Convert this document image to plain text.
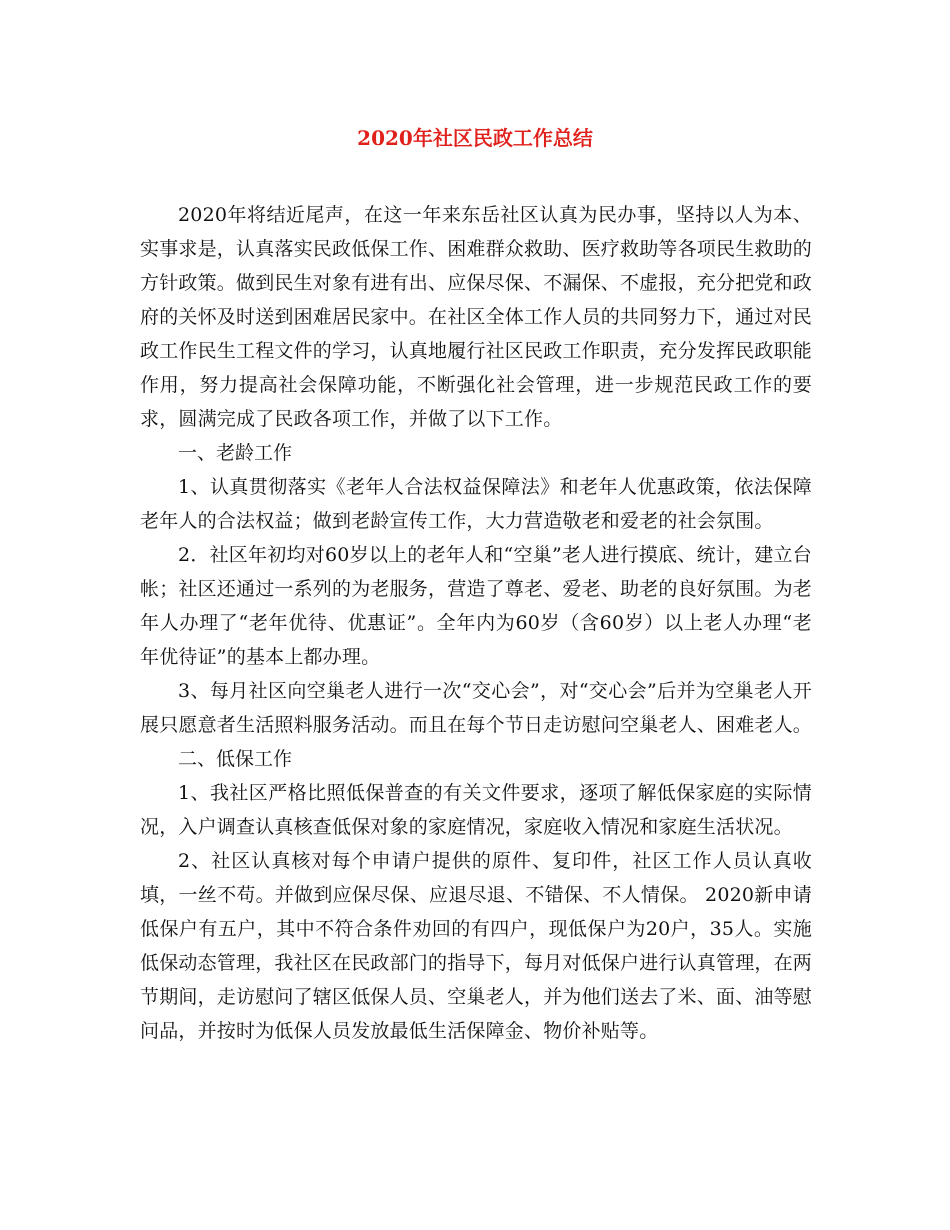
2020年社区民政工作总结

2020年将结近尾声，在这一年来东岳社区认真为民办事，坚持以人为本、实事求是，认真落实民政低保工作、困难群众救助、医疗救助等各项民生救助的方针政策。做到民生对象有进有出、应保尽保、不漏保、不虚报，充分把党和政府的关怀及时送到困难居民家中。在社区全体工作人员的共同努力下，通过对民政工作民生工程文件的学习，认真地履行社区民政工作职责，充分发挥民政职能作用，努力提高社会保障功能，不断强化社会管理，进一步规范民政工作的要求，圆满完成了民政各项工作，并做了以下工作。

一、老龄工作

1、认真贯彻落实《老年人合法权益保障法》和老年人优惠政策，依法保障老年人的合法权益；做到老龄宣传工作，大力营造敬老和爱老的社会氛围。

2．社区年初均对60岁以上的老年人和“空巢”老人进行摸底、统计，建立台帐；社区还通过一系列的为老服务，营造了尊老、爱老、助老的良好氛围。为老年人办理了“老年优待、优惠证”。全年内为60岁（含60岁）以上老人办理“老年优待证”的基本上都办理。

3、每月社区向空巢老人进行一次“交心会”，对“交心会”后并为空巢老人开展只愿意者生活照料服务活动。而且在每个节日走访慰问空巢老人、困难老人。

二、低保工作

1、我社区严格比照低保普查的有关文件要求，逐项了解低保家庭的实际情况，入户调查认真核查低保对象的家庭情况，家庭收入情况和家庭生活状况。

2、社区认真核对每个申请户提供的原件、复印件，社区工作人员认真收填，一丝不苟。并做到应保尽保、应退尽退、不错保、不人情保。 2020新申请低保户有五户，其中不符合条件劝回的有四户，现低保户为20户，35人。实施低保动态管理，我社区在民政部门的指导下，每月对低保户进行认真管理，在两节期间，走访慰问了辖区低保人员、空巢老人，并为他们送去了米、面、油等慰问品，并按时为低保人员发放最低生活保障金、物价补贴等。
